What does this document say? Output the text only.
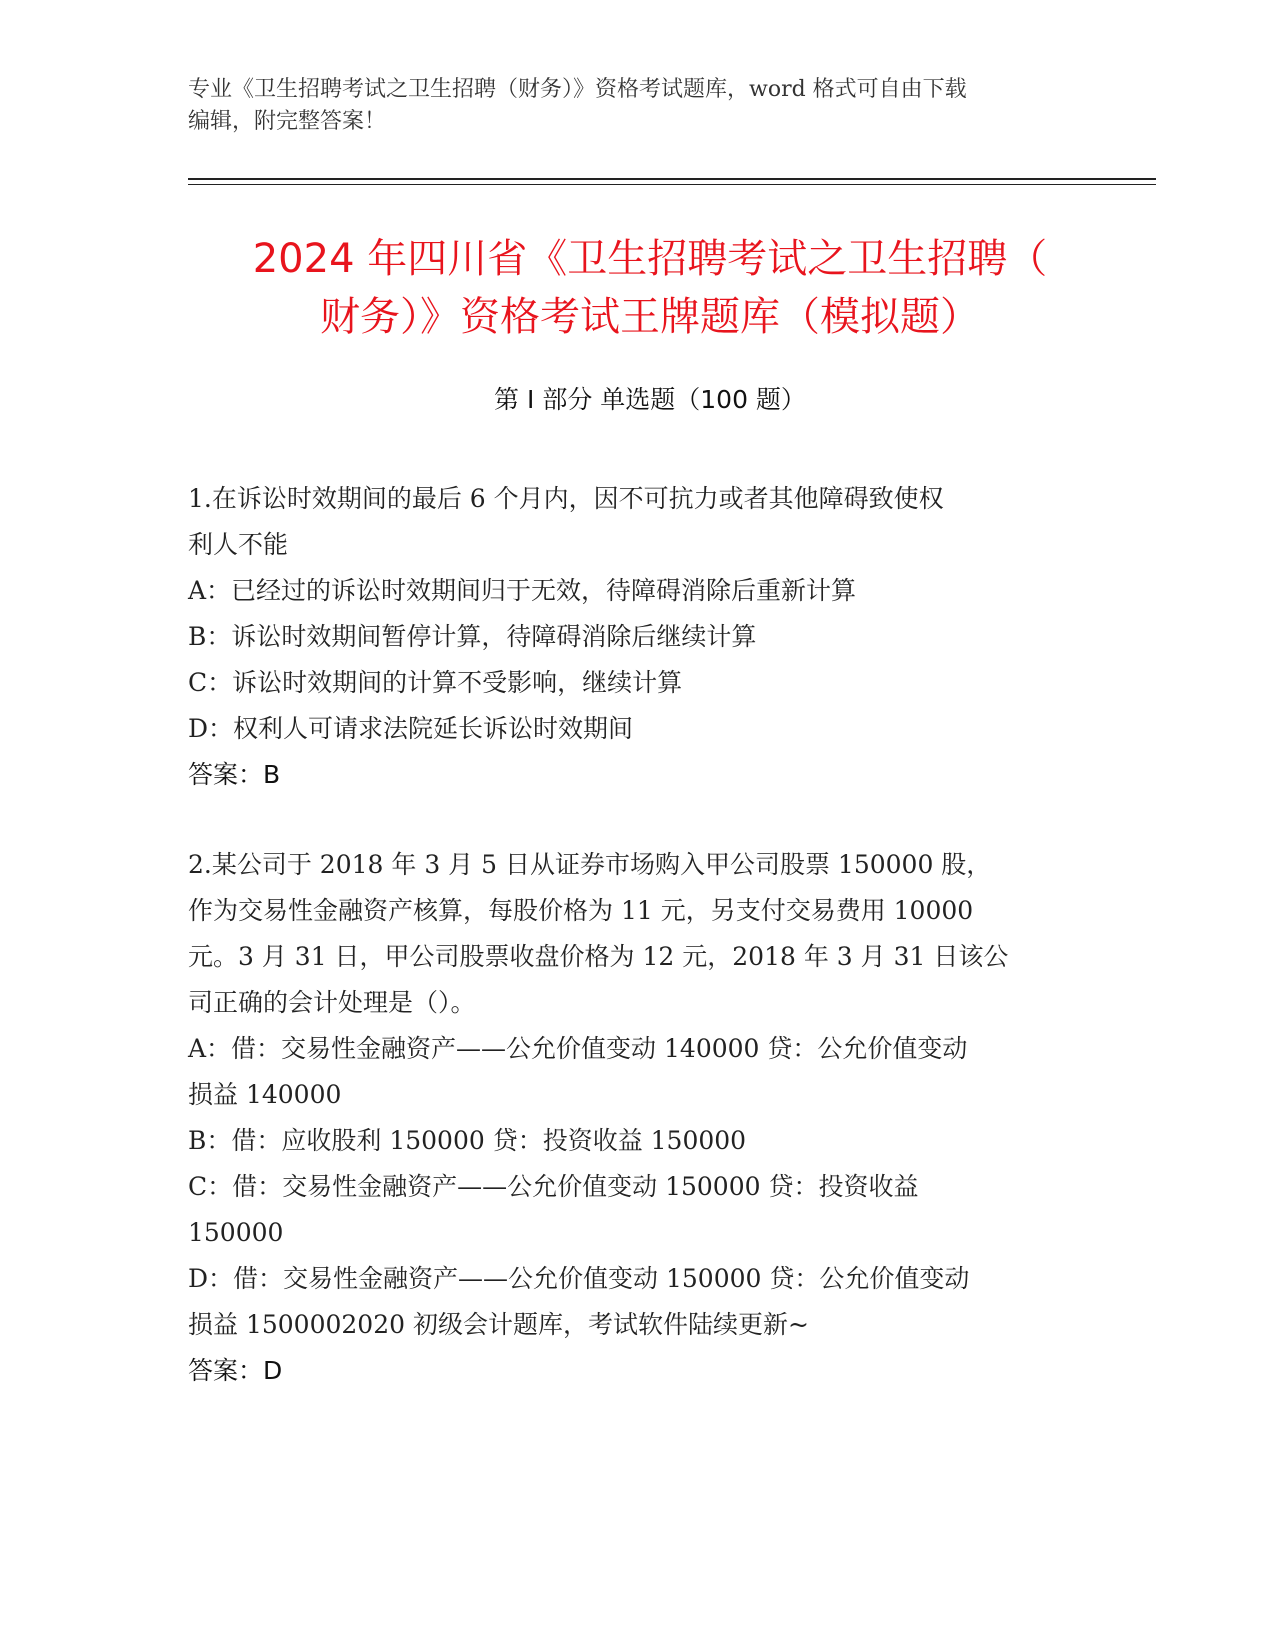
专业《卫生招聘考试之卫生招聘（财务）》资格考试题库，word 格式可自由下载
编辑，附完整答案！
2024 年四川省《卫生招聘考试之卫生招聘（
财务）》资格考试王牌题库（模拟题）
第 I 部分 单选题（100 题）
1.在诉讼时效期间的最后 6 个月内，因不可抗力或者其他障碍致使权
利人不能
A：已经过的诉讼时效期间归于无效，待障碍消除后重新计算
B：诉讼时效期间暂停计算，待障碍消除后继续计算
C：诉讼时效期间的计算不受影响，继续计算
D：权利人可请求法院延长诉讼时效期间
答案：B
2.某公司于 2018 年 3 月 5 日从证券市场购入甲公司股票 150000 股，
作为交易性金融资产核算，每股价格为 11 元，另支付交易费用 10000
元。3 月 31 日，甲公司股票收盘价格为 12 元，2018 年 3 月 31 日该公
司正确的会计处理是（）。
A：借：交易性金融资产——公允价值变动 140000 贷：公允价值变动
损益 140000
B：借：应收股利 150000 贷：投资收益 150000
C：借：交易性金融资产——公允价值变动 150000 贷：投资收益
150000
D：借：交易性金融资产——公允价值变动 150000 贷：公允价值变动
损益 1500002020 初级会计题库，考试软件陆续更新~
答案：D
